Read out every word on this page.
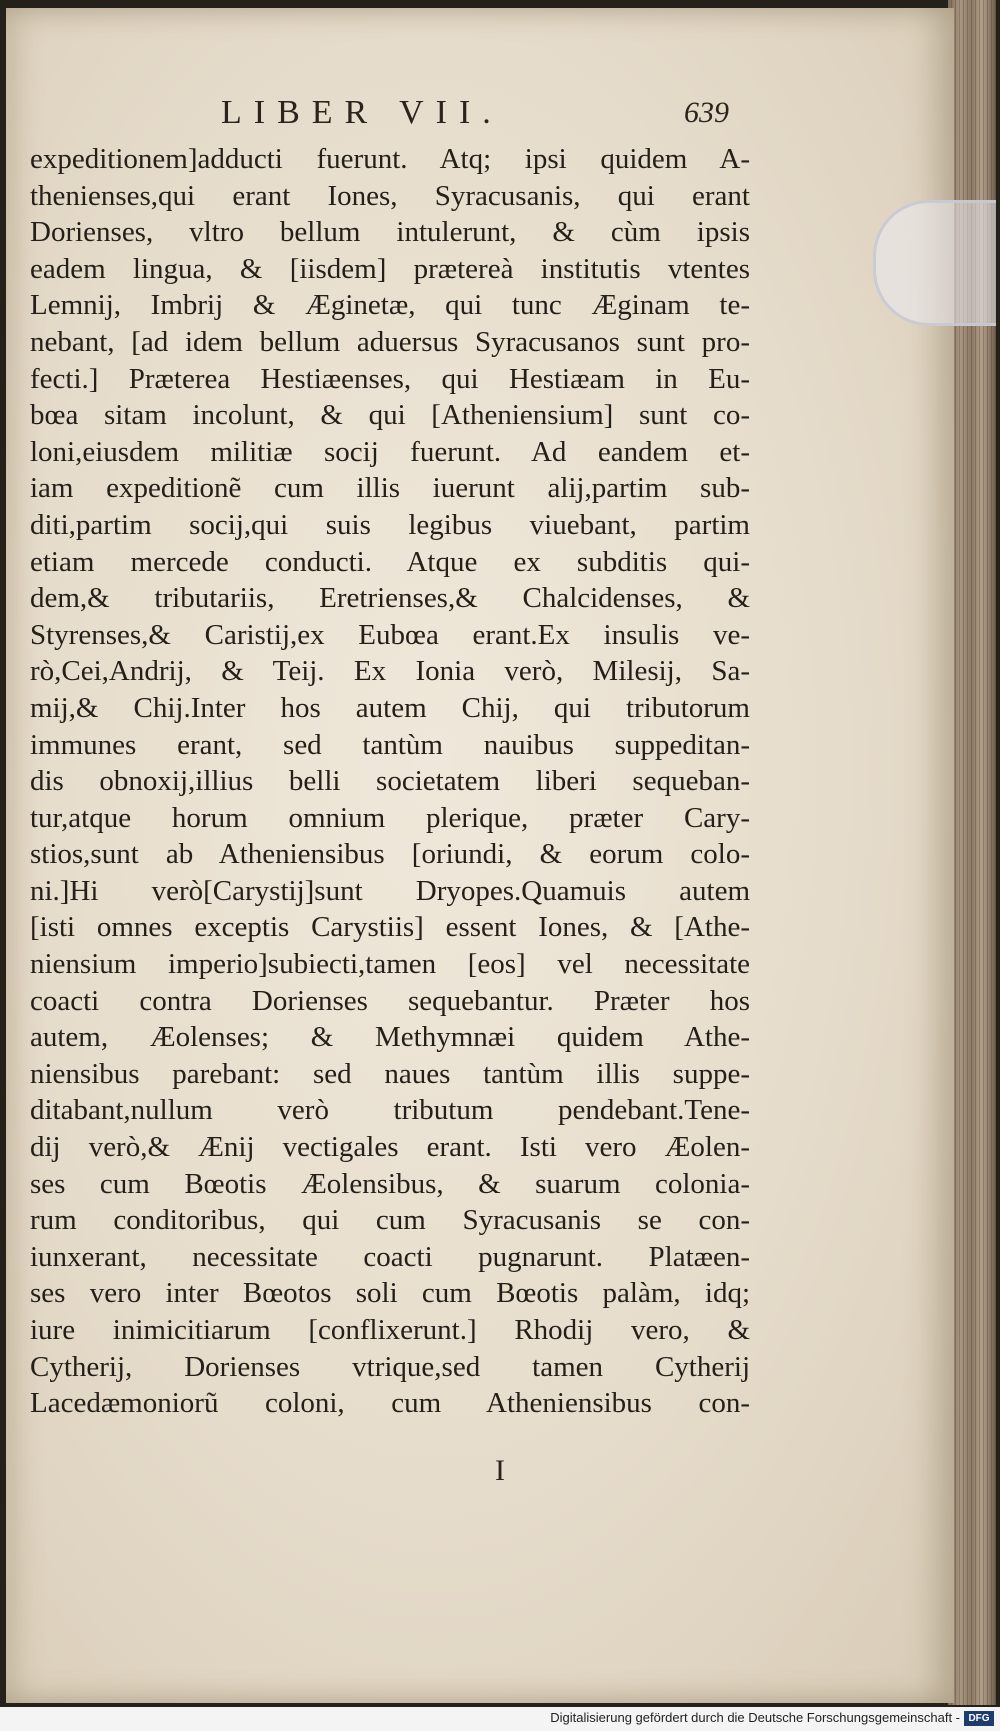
LIBER VII.	639
expeditionem]adducti fuerunt. Atq; ipsi quidem A-
thenienses,qui erant Iones, Syracusanis, qui erant
Dorienses, vltro bellum intulerunt, & cùm ipsis
eadem lingua, & [iisdem] prætereà institutis vtentes
Lemnij, Imbrij & Æginetæ, qui tunc Æginam te-
nebant, [ad idem bellum aduersus Syracusanos sunt pro-
fecti.] Præterea Hestiæenses, qui Hestiæam in Eu-
bœa sitam incolunt, & qui [Atheniensium] sunt co-
loni,eiusdem militiæ socij fuerunt. Ad eandem et-
iam expeditionẽ cum illis iuerunt alij,partim sub-
diti,partim socij,qui suis legibus viuebant, partim
etiam mercede conducti. Atque ex subditis qui-
dem,& tributariis, Eretrienses,& Chalcidenses, &
Styrenses,& Caristij,ex Eubœa erant.Ex insulis ve-
rò,Cei,Andrij, & Teij. Ex Ionia verò, Milesij, Sa-
mij,& Chij.Inter hos autem Chij, qui tributorum
immunes erant, sed tantùm nauibus suppeditan-
dis obnoxij,illius belli societatem liberi sequeban-
tur,atque horum omnium plerique, præter Cary-
stios,sunt ab Atheniensibus [oriundi, & eorum colo-
ni.]Hi verò[Carystij]sunt Dryopes.Quamuis autem
[isti omnes exceptis Carystiis] essent Iones, & [Athe-
niensium imperio]subiecti,tamen [eos] vel necessitate
coacti contra Dorienses sequebantur. Præter hos
autem, Æolenses; & Methymnæi quidem Athe-
niensibus parebant: sed naues tantùm illis suppe-
ditabant,nullum verò tributum pendebant.Tene-
dij verò,& Ænij vectigales erant. Isti vero Æolen-
ses cum Bœotis Æolensibus, & suarum colonia-
rum conditoribus, qui cum Syracusanis se con-
iunxerant, necessitate coacti pugnarunt. Platæen-
ses vero inter Bœotos soli cum Bœotis palàm, idq;
iure inimicitiarum [conflixerunt.] Rhodij vero, &
Cytherij, Dorienses vtrique,sed tamen Cytherij
Lacedæmoniorũ coloni, cum Atheniensibus con-
I
Digitalisierung gefördert durch die Deutsche Forschungsgemeinschaft - DFG
